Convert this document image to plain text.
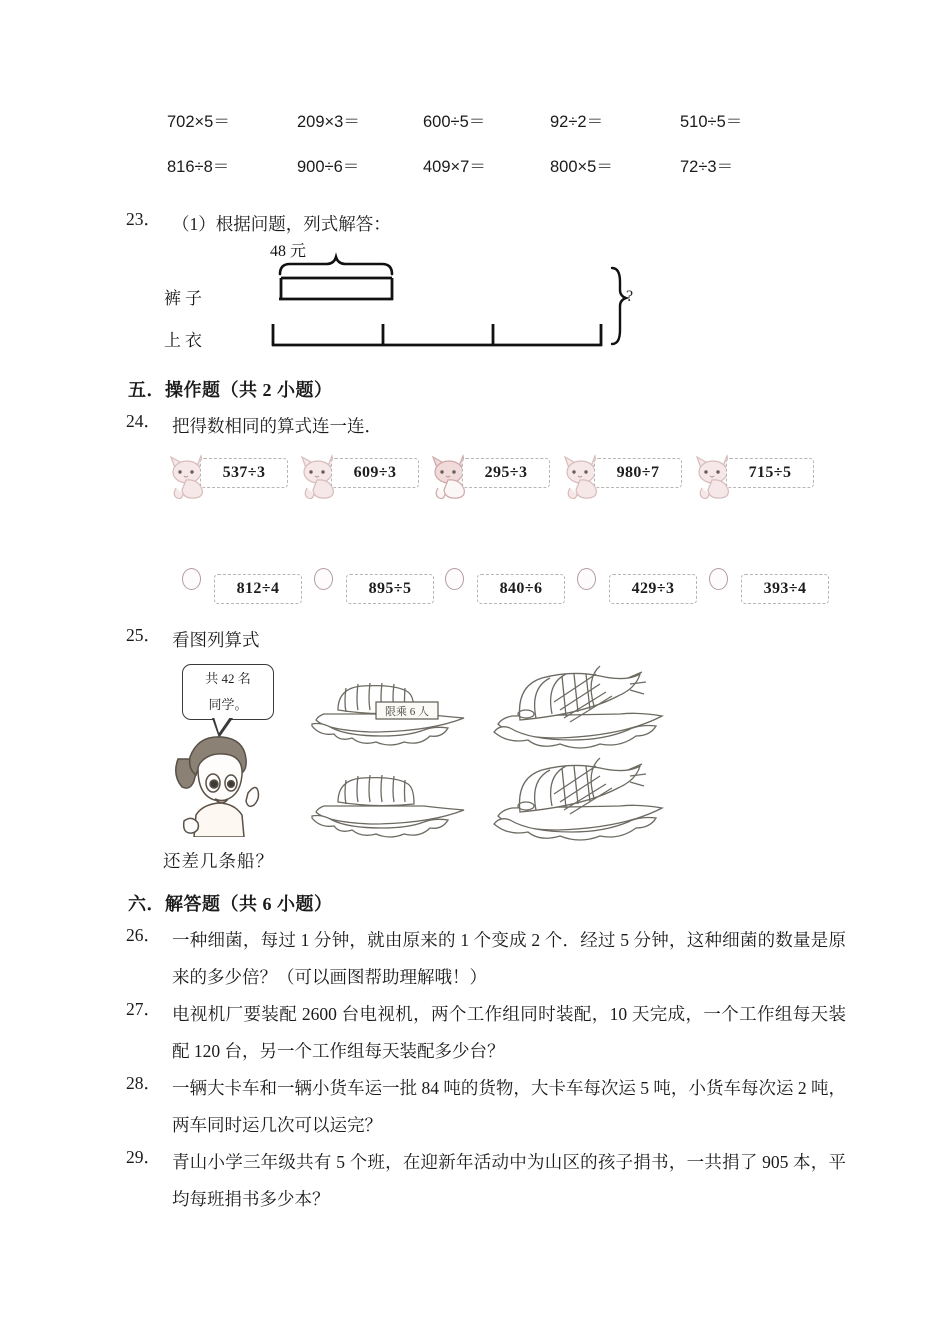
702×5＝	209×3＝	600÷5＝	92÷2＝	510÷5＝
816÷8＝	900÷6＝	409×7＝	800×5＝	72÷3＝
23． （1）根据问题，列式解答：
裤子
上衣
48 元
?
五．操作题（共 2 小题）
24． 把得数相同的算式连一连．
537÷3	609÷3	295÷3	980÷7	715÷5
812÷4	895÷5	840÷6	429÷3	393÷4
25． 看图列算式
共 42 名
同学。	限乘 6 人
还差几条船？
六．解答题（共 6 小题）
26． 一种细菌，每过 1 分钟，就由原来的 1 个变成 2 个．经过 5 分钟，这种细菌的数量是原来的多少倍？（可以画图帮助理解哦！）
27． 电视机厂要装配 2600 台电视机，两个工作组同时装配，10 天完成，一个工作组每天装配 120 台，另一个工作组每天装配多少台？
28． 一辆大卡车和一辆小货车运一批 84 吨的货物，大卡车每次运 5 吨，小货车每次运 2 吨，两车同时运几次可以运完？
29． 青山小学三年级共有 5 个班，在迎新年活动中为山区的孩子捐书，一共捐了 905 本，平均每班捐书多少本？
